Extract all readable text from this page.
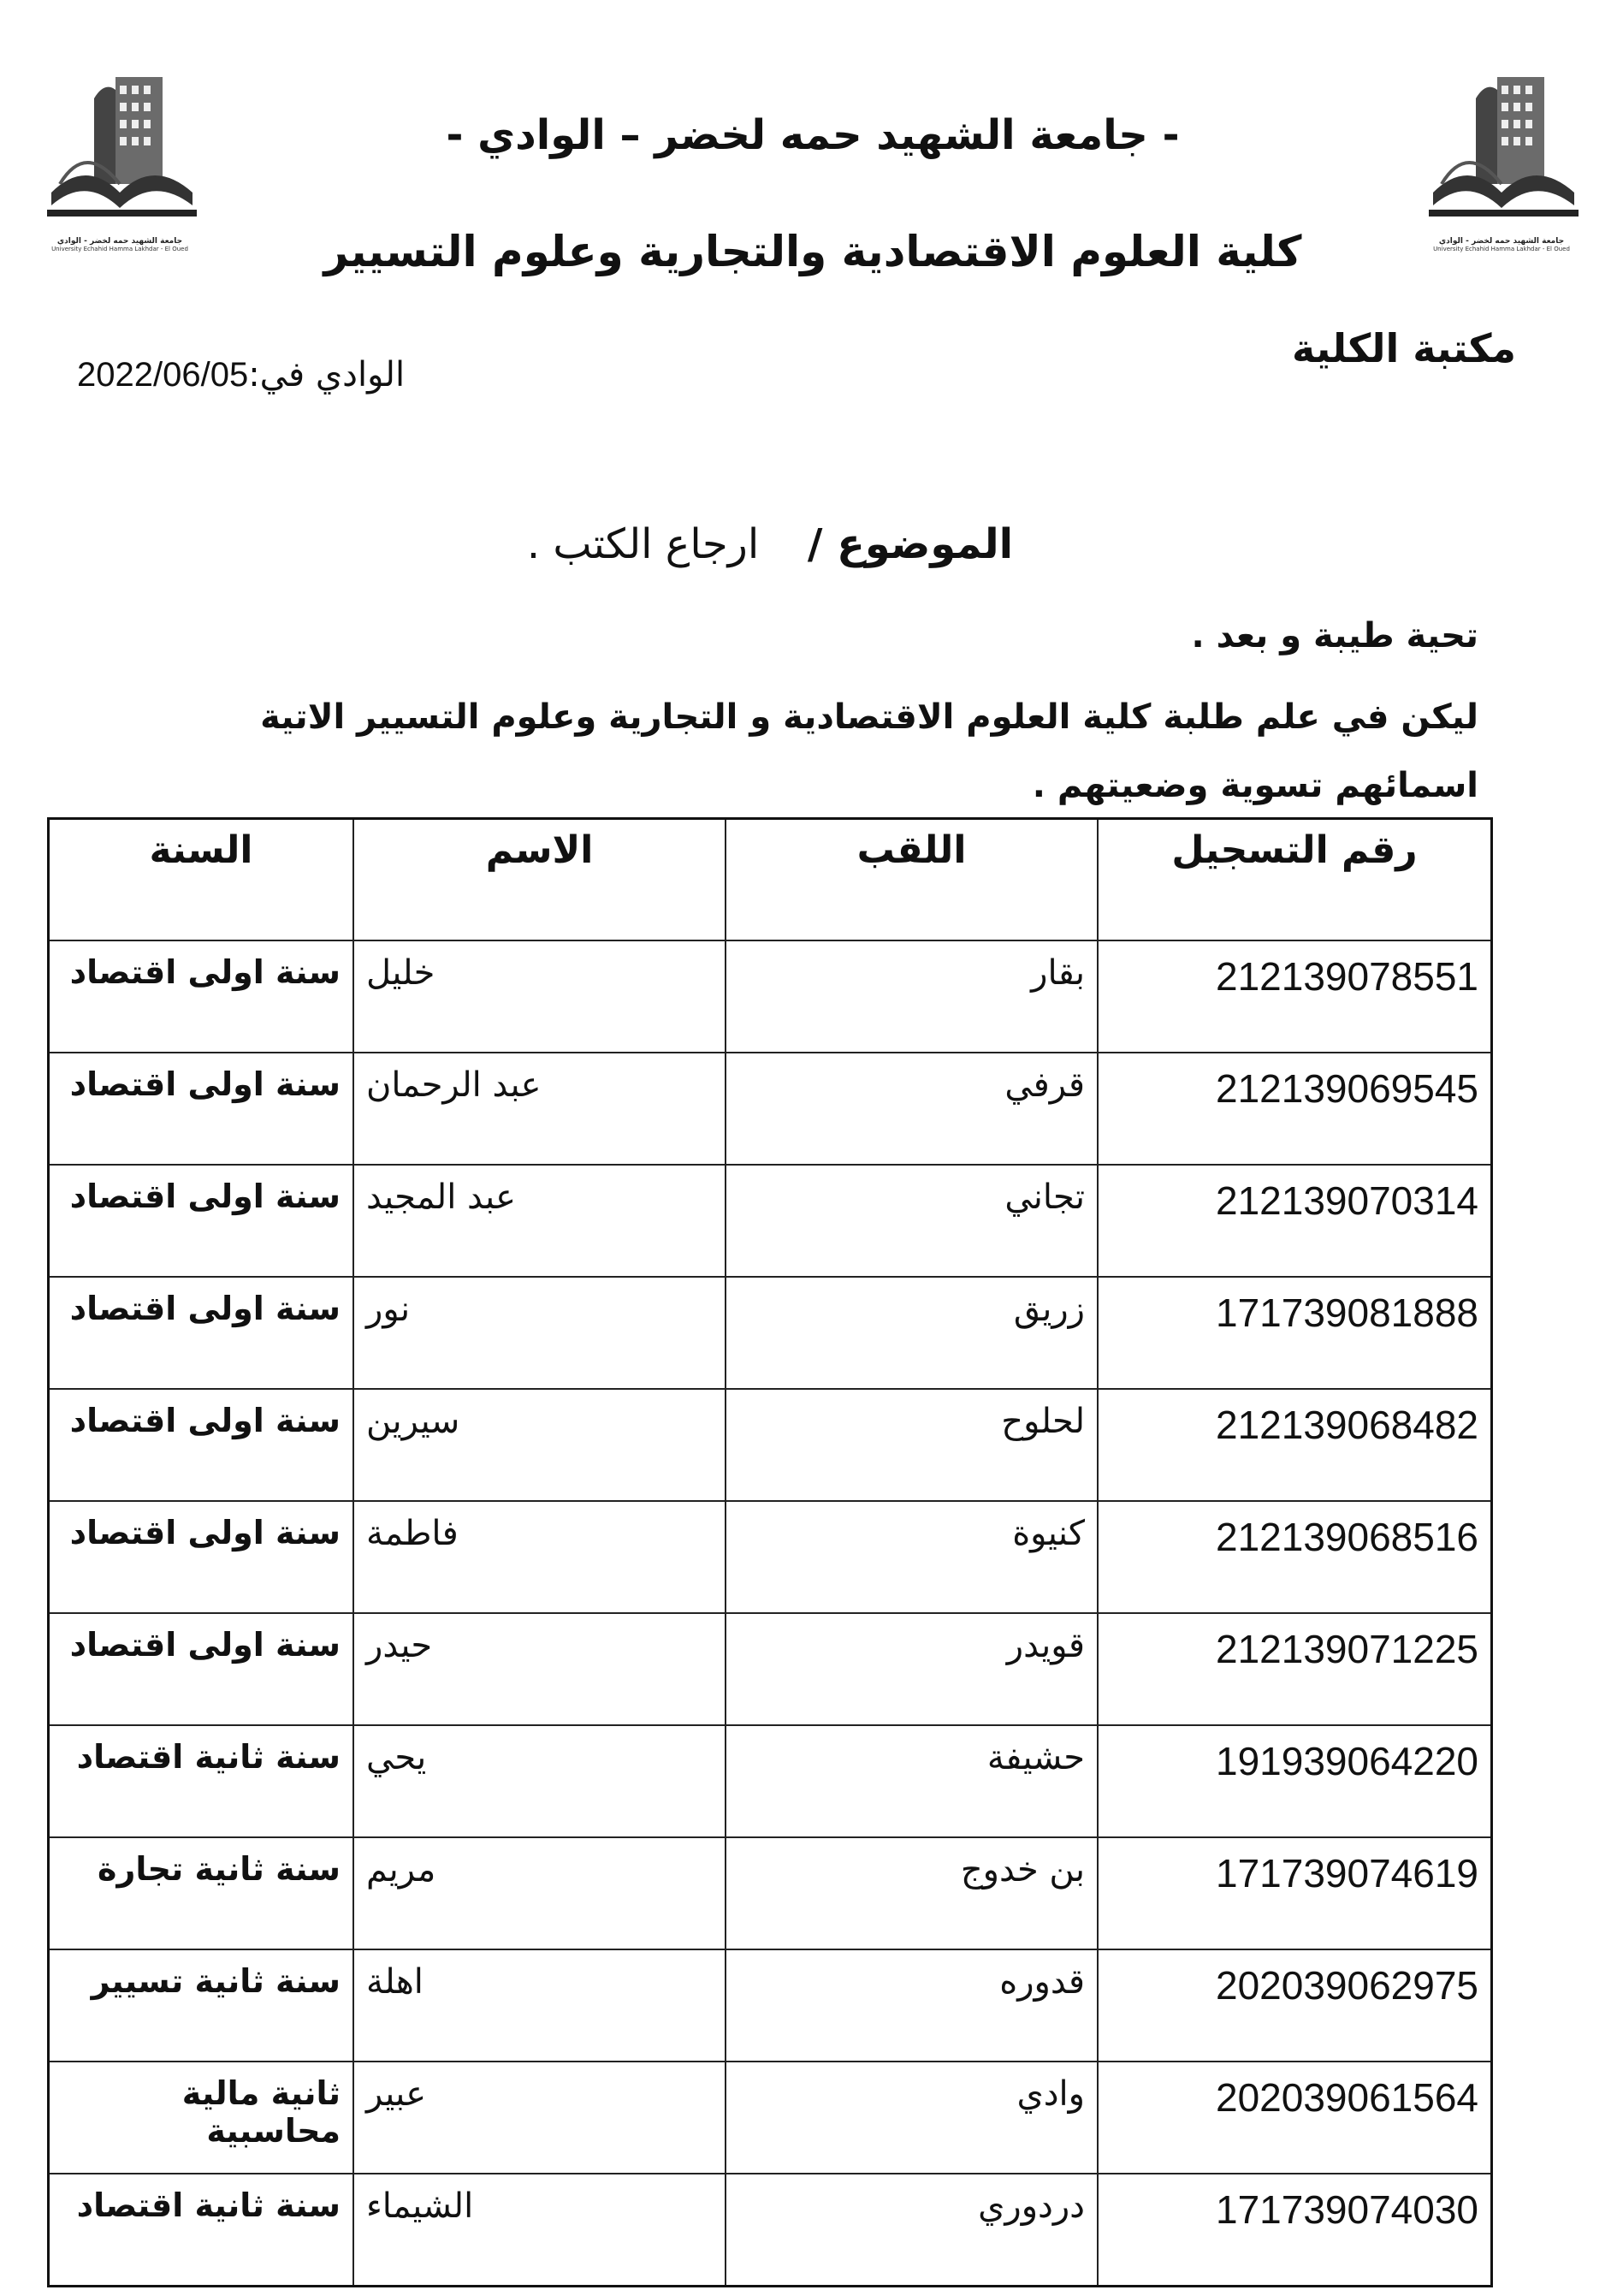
جامعة الشهيد حمه لخضر - الوادي
University Echahid Hamma Lakhdar - El Oued
جامعة الشهيد حمه لخضر - الوادي
University Echahid Hamma Lakhdar - El Oued
- جامعة الشهيد حمه لخضر – الوادي -
كلية العلوم الاقتصادية والتجارية وعلوم التسيير
مكتبة الكلية
الوادي في:2022/06/05
الموضوع / ارجاع الكتب .
تحية طيبة و بعد .
ليكن في علم طلبة كلية العلوم الاقتصادية و التجارية وعلوم التسيير الاتية اسمائهم تسوية وضعيتهم .
رقم التسجيل	اللقب	الاسم	السنة
212139078551	بقار	خليل	سنة اولى اقتصاد
212139069545	قرفي	عبد الرحمان	سنة اولى اقتصاد
212139070314	تجاني	عبد المجيد	سنة اولى اقتصاد
171739081888	زريق	نور	سنة اولى اقتصاد
212139068482	لحلوح	سيرين	سنة اولى اقتصاد
212139068516	كنيوة	فاطمة	سنة اولى اقتصاد
212139071225	قويدر	حيدر	سنة اولى اقتصاد
191939064220	حشيفة	يحي	سنة ثانية اقتصاد
171739074619	بن خدوج	مريم	سنة ثانية تجارة
202039062975	قدوره	اهلة	سنة ثانية تسيير
202039061564	وادي	عبير	ثانية مالية محاسبية
171739074030	دردوري	الشيماء	سنة ثانية اقتصاد
